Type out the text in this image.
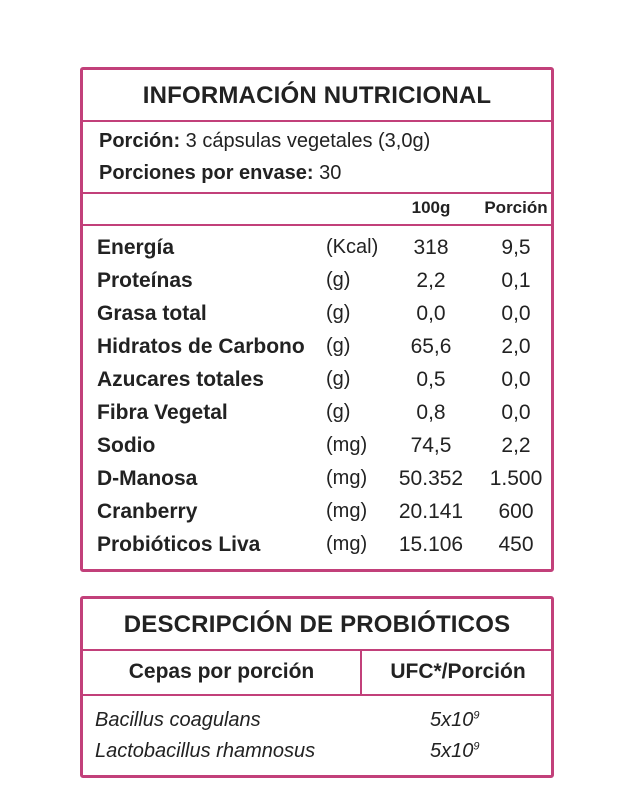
INFORMACIÓN NUTRICIONAL
Porción: 3 cápsulas vegetales (3,0g)
Porciones por envase: 30
100g	Porción
Energía	(Kcal)	318	9,5
Proteínas	(g)	2,2	0,1
Grasa total	(g)	0,0	0,0
Hidratos de Carbono (g)	65,6	2,0
Azucares totales	(g)	0,5	0,0
Fibra Vegetal	(g)	0,8	0,0
Sodio	(mg)	74,5	2,2
D-Manosa	(mg)	50.352	1.500
Cranberry	(mg)	20.141	600
Probióticos Liva	(mg)	15.106	450
DESCRIPCIÓN DE PROBIÓTICOS
Cepas por porción	UFC*/Porción
Bacillus coagulans	$5x10^9$
Lactobacillus rhamnosus	$5x10^9$
